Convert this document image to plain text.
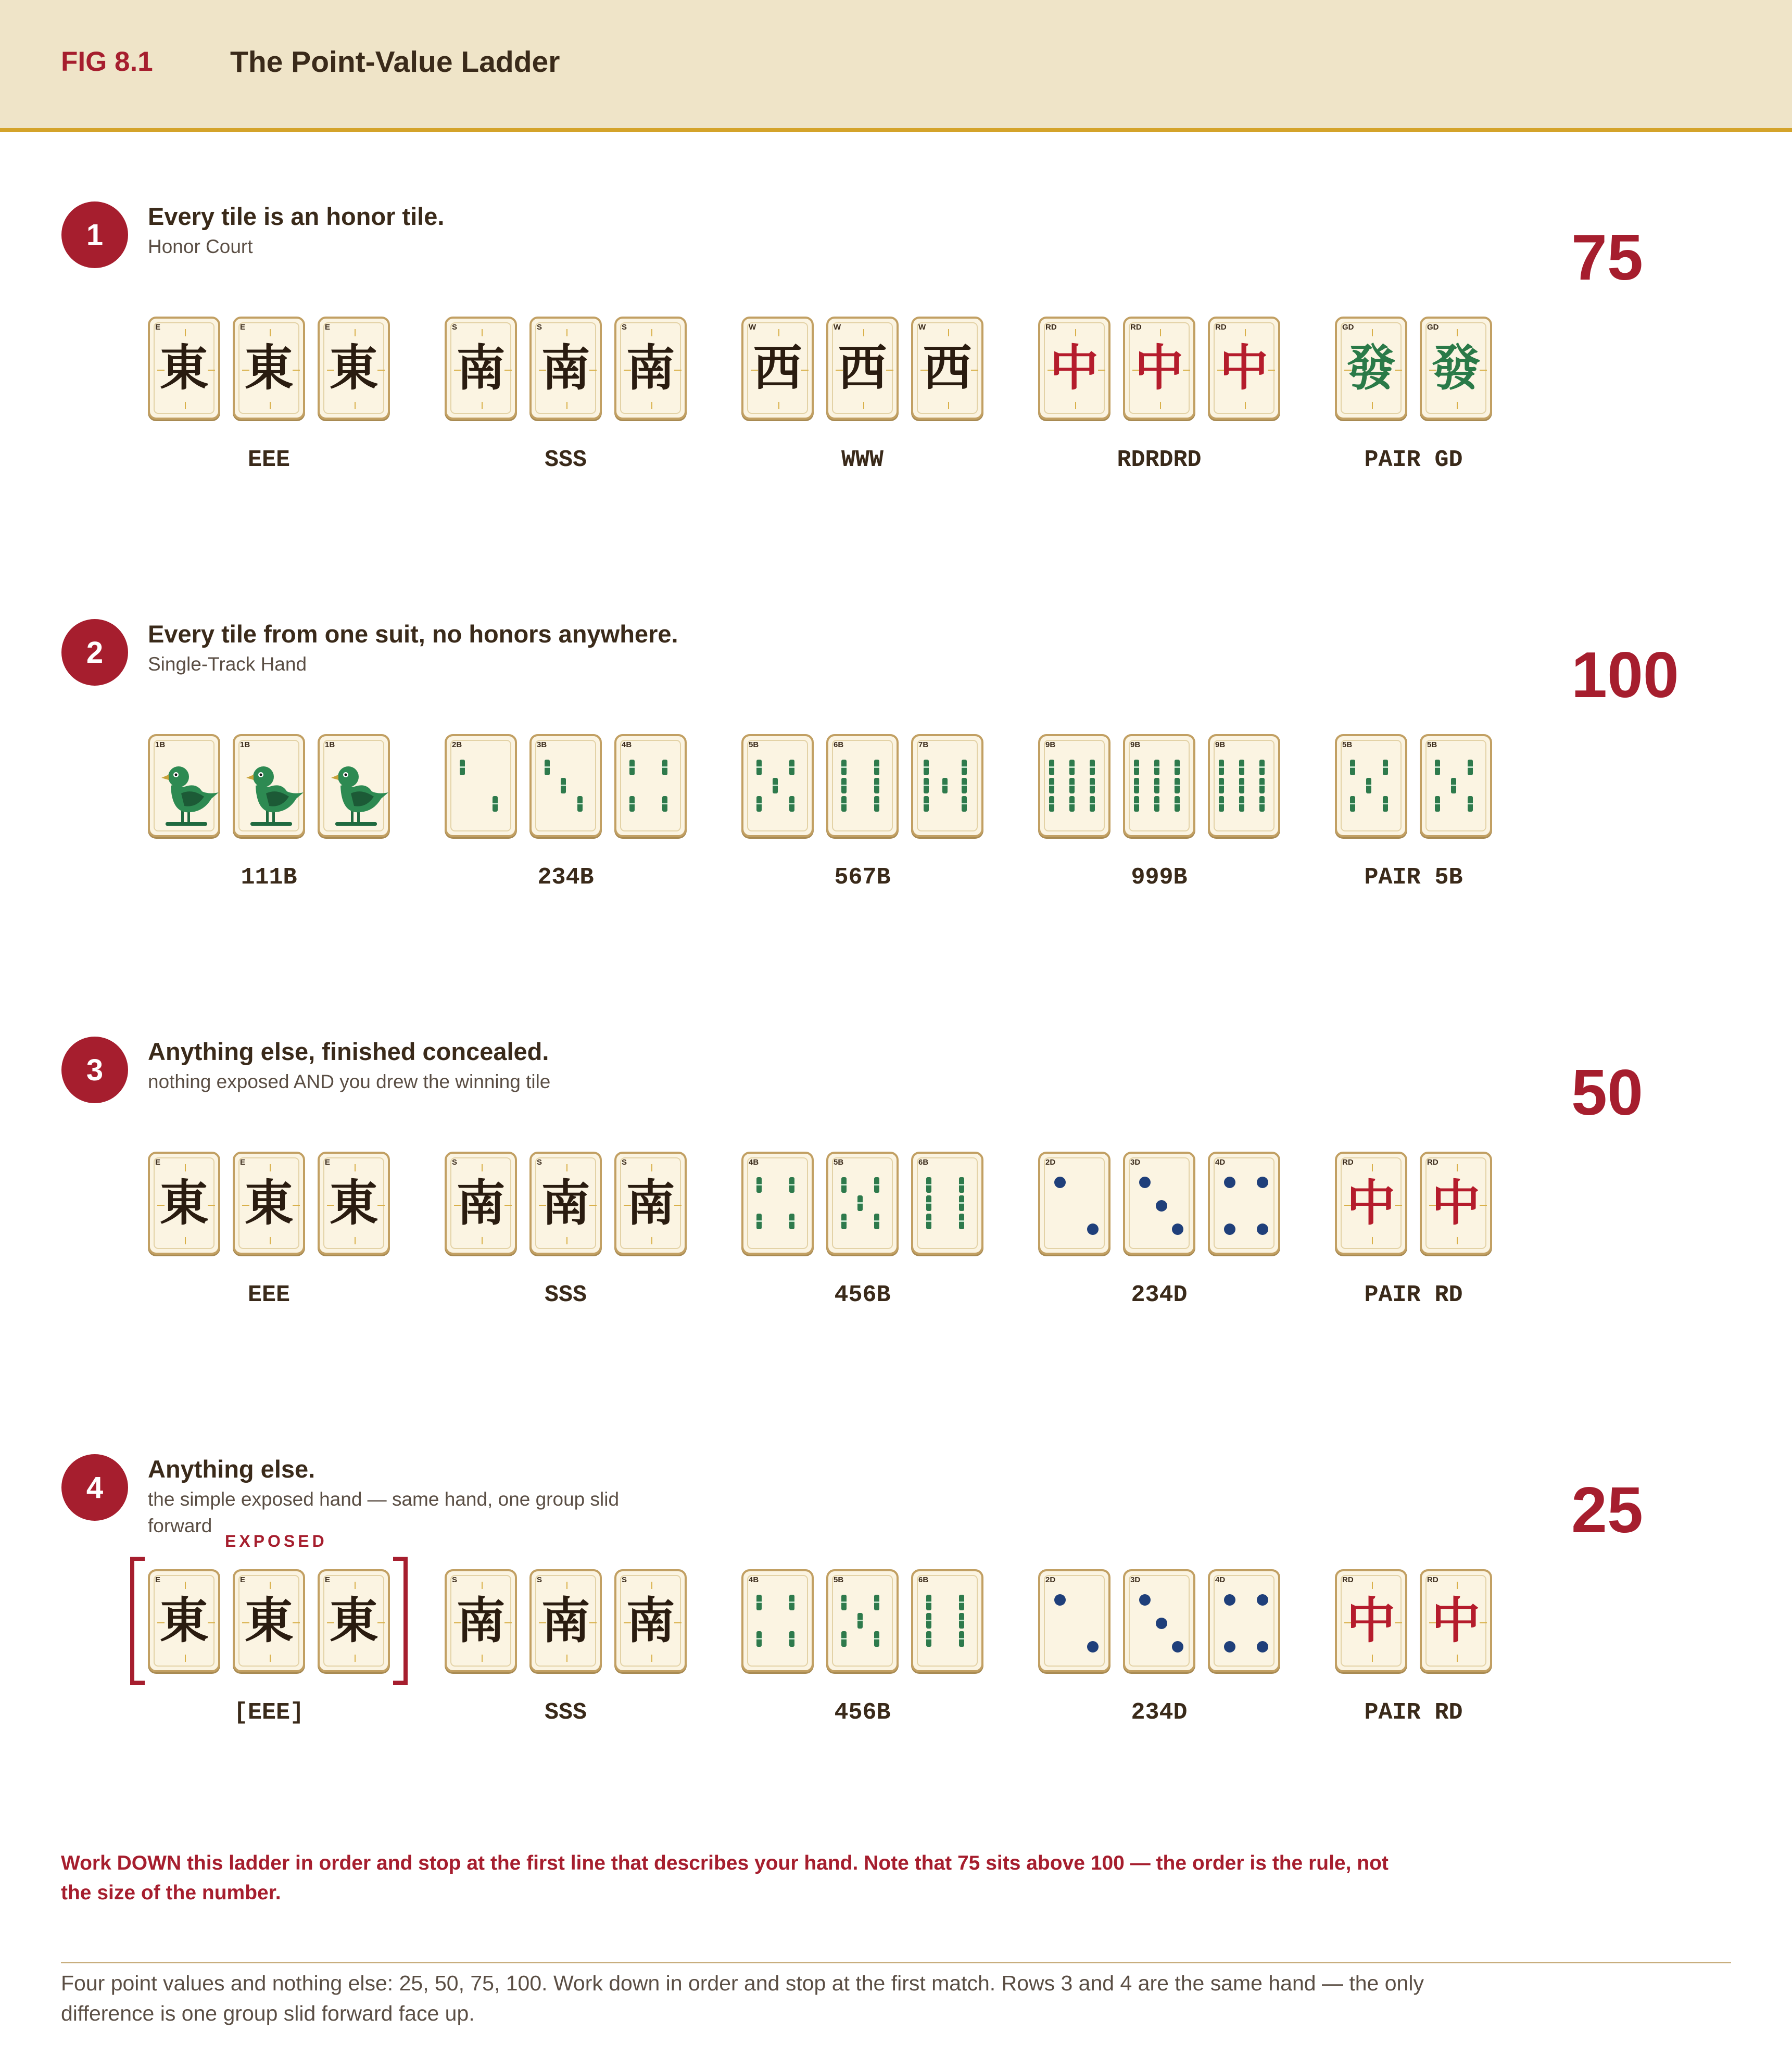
FIG 8.1	The Point-Value Ladder
1
Every tile is an honor tile.
Honor Court	75
E
東
E
東
E
東
EEE
S
南
S
南
S
南
SSS
W
西
W
西
W
西
WWW
RD
中
RD
中
RD
中
RDRDRD
GD
發
GD
發
PAIR GD
2
Every tile from one suit, no honors anywhere.
Single-Track Hand	100
1B	1B	1B
111B
2B	3B	4B
234B
5B	6B	7B
567B
9B	9B	9B
999B
5B	5B
PAIR 5B
3
Anything else, finished concealed.
nothing exposed AND you drew the winning tile	50
E
東
E
東
E
東
EEE
S
南
S
南
S
南
SSS
4B	5B	6B
456B
2D	3D	4D
234D
RD
中
RD
中
PAIR RD
4
Anything else.
the simple exposed hand — same hand, one group slid forward	25
EXPOSED
E
東
E
東
E
東
[EEE]
S
南
S
南
S
南
SSS
4B	5B	6B
456B
2D	3D	4D
234D
RD
中
RD
中
PAIR RD
Work DOWN this ladder in order and stop at the first line that describes your hand. Note that 75 sits above 100 — the order is the rule, not the size of the number.
Four point values and nothing else: 25, 50, 75, 100. Work down in order and stop at the first match. Rows 3 and 4 are the same hand — the only difference is one group slid forward face up.
